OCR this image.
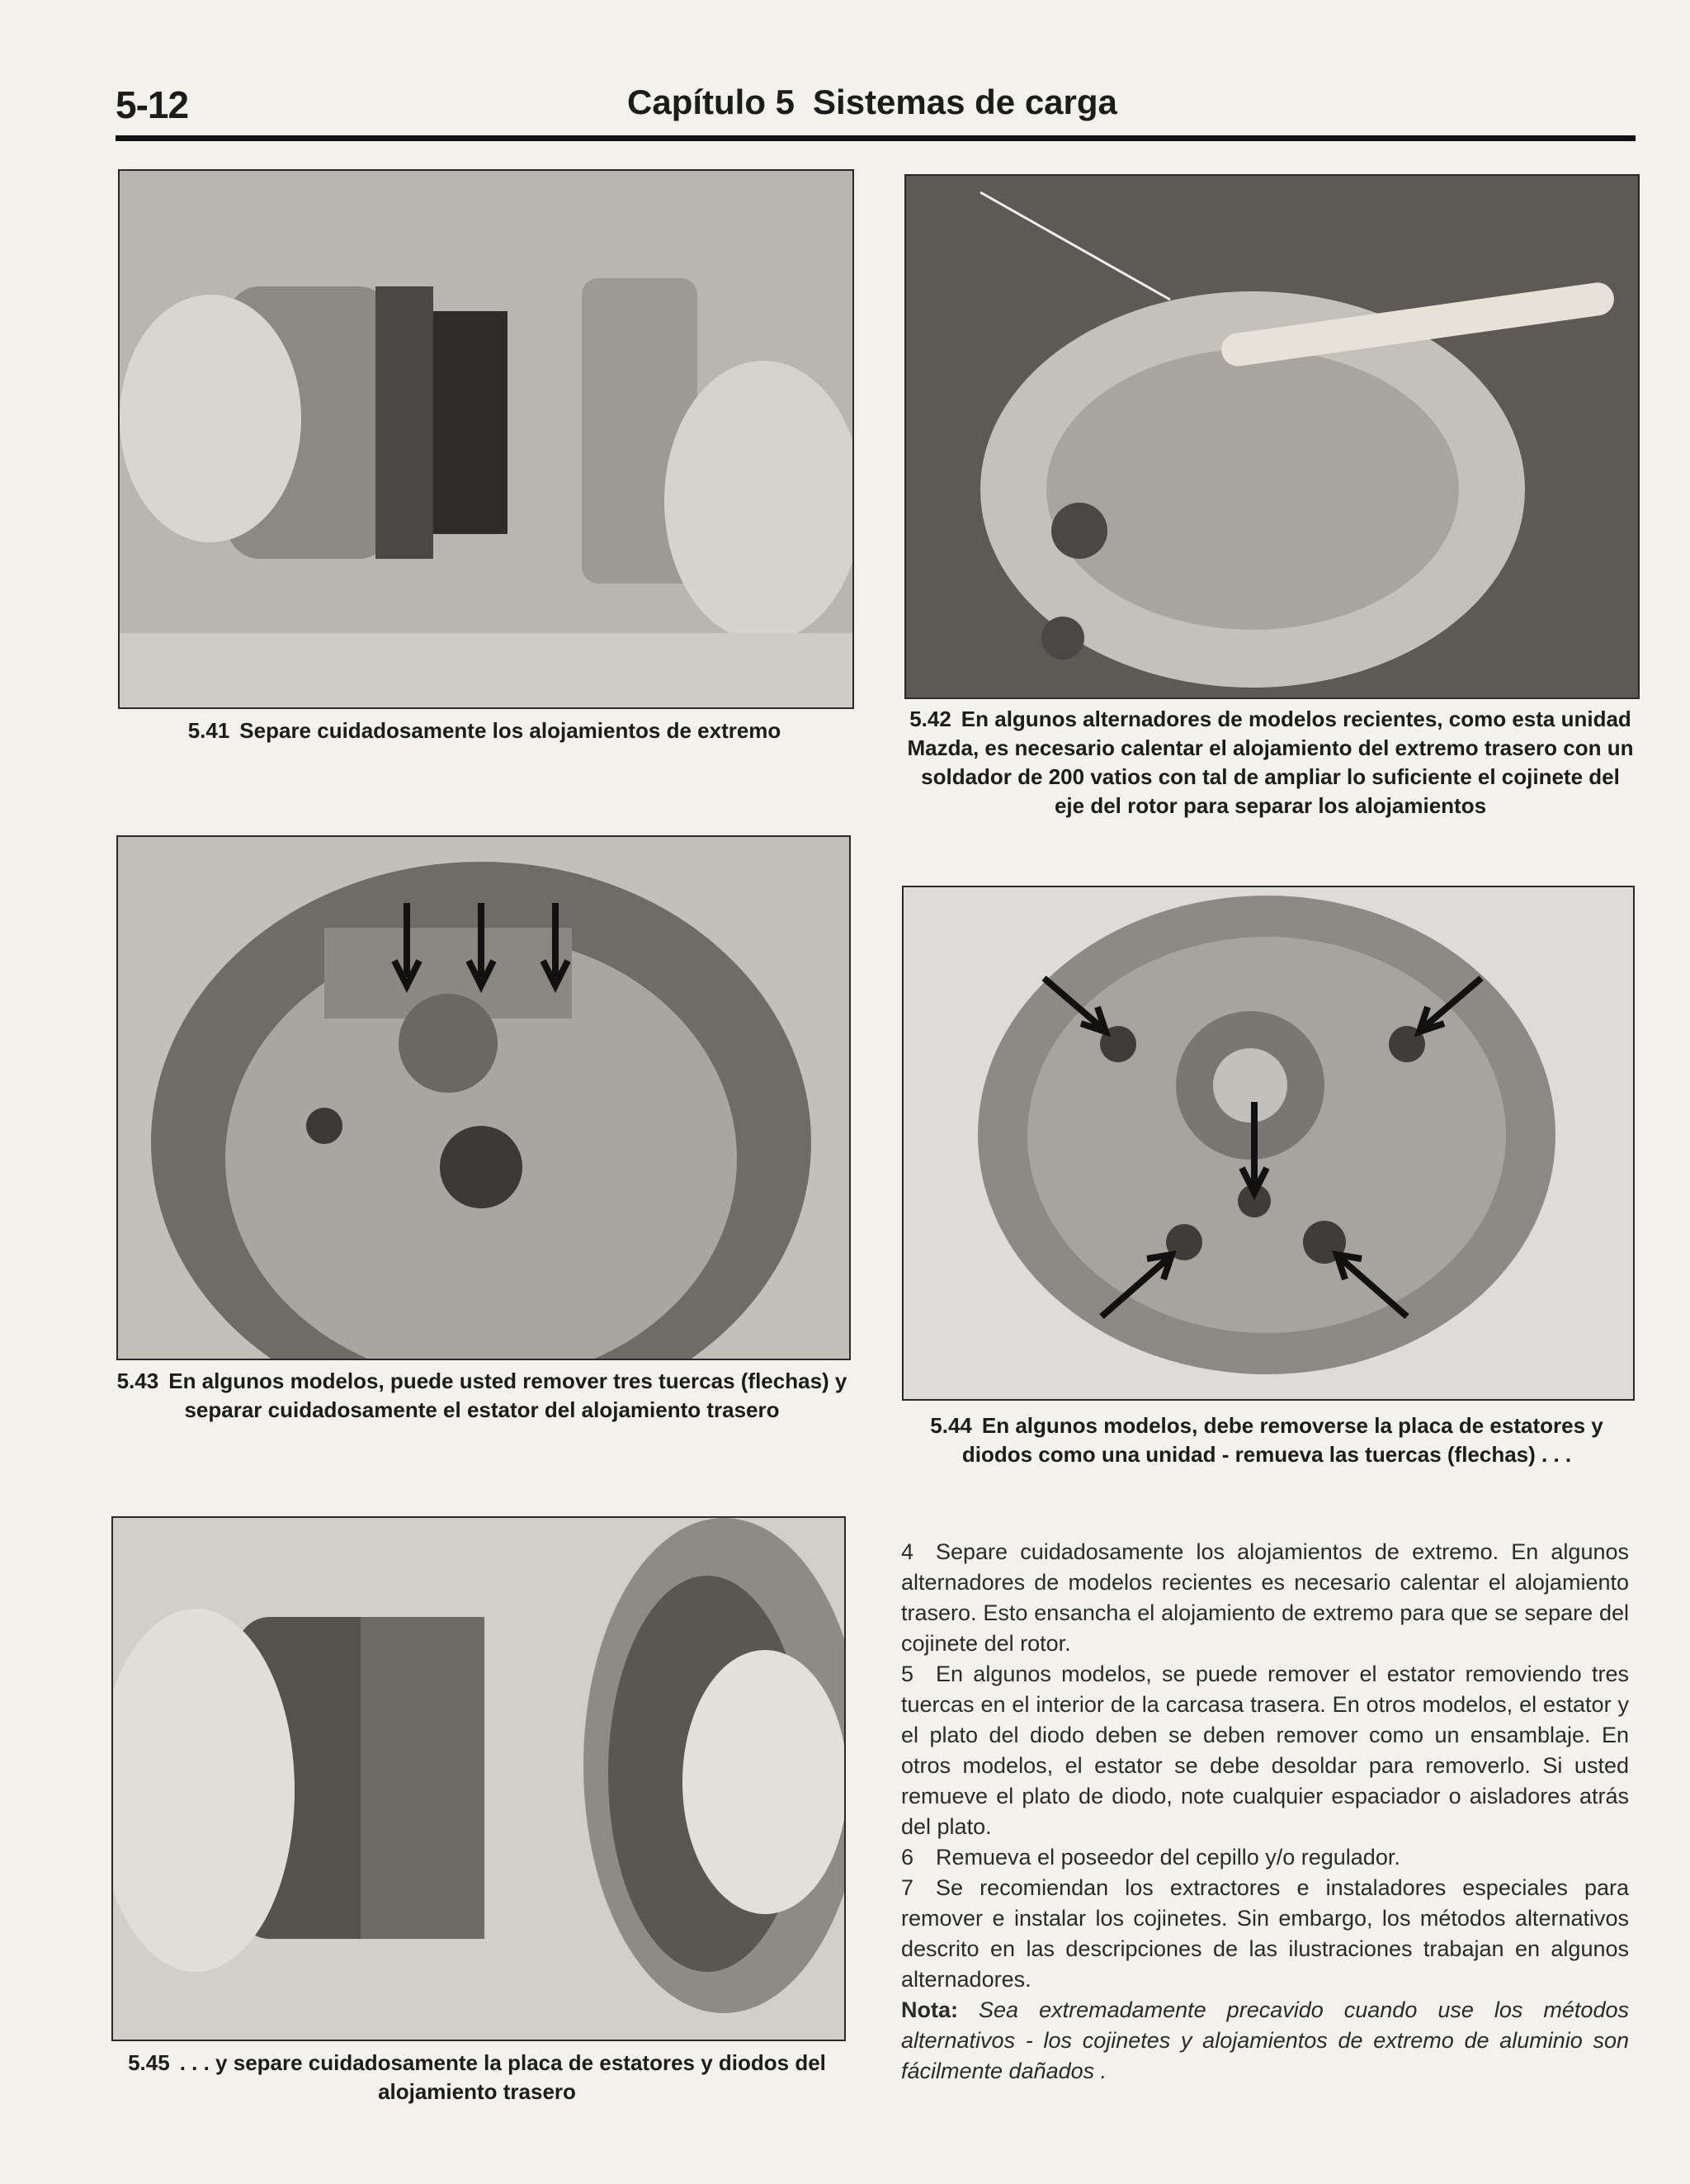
5-12	Capítulo 5 Sistemas de carga
5.41 Separe cuidadosamente los alojamientos de extremo	5.42 En algunos alternadores de modelos recientes, como esta unidad Mazda, es necesario calentar el alojamiento del extremo trasero con un soldador de 200 vatios con tal de ampliar lo suficiente el cojinete del eje del rotor para separar los alojamientos
5.43 En algunos modelos, puede usted remover tres tuercas (flechas) y separar cuidadosamente el estator del alojamiento trasero
5.44 En algunos modelos, debe removerse la placa de estatores y diodos como una unidad - remueva las tuercas (flechas) . . .
5.45 . . . y separe cuidadosamente la placa de estatores y diodos del alojamiento trasero

4 Separe cuidadosamente los alojamientos de extremo. En algunos alternadores de modelos recientes es necesario calentar el alojamiento trasero. Esto ensancha el alojamiento de extremo para que se separe del cojinete del rotor.

5 En algunos modelos, se puede remover el estator removiendo tres tuercas en el interior de la carcasa trasera. En otros modelos, el estator y el plato del diodo deben se deben remover como un ensamblaje. En otros modelos, el estator se debe desoldar para removerlo. Si usted remueve el plato de diodo, note cualquier espaciador o aisladores atrás del plato.

6 Remueva el poseedor del cepillo y/o regulador.

7 Se recomiendan los extractores e instaladores especiales para remover e instalar los cojinetes. Sin embargo, los métodos alternativos descrito en las descripciones de las ilustraciones trabajan en algunos alternadores.

Nota: Sea extremadamente precavido cuando use los métodos alternativos - los cojinetes y alojamientos de extremo de aluminio son fácilmente dañados .
